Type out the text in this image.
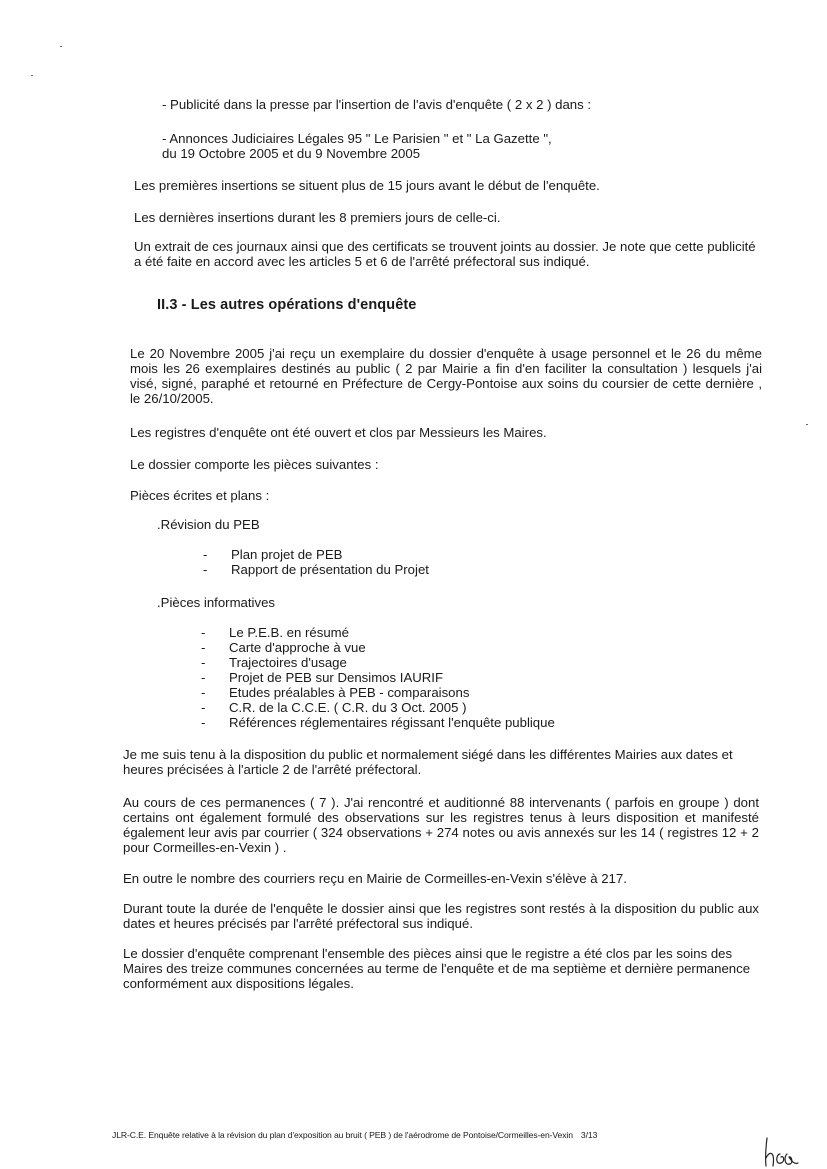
- Publicité dans la presse par l'insertion de l'avis d'enquête ( 2 x 2 ) dans :

- Annonces Judiciaires Légales 95 " Le Parisien " et " La Gazette ",

du 19 Octobre 2005 et du 9 Novembre 2005

Les premières insertions se situent plus de 15 jours avant le début de l'enquête.

Les dernières insertions durant les 8 premiers jours de celle-ci.

Un extrait de ces journaux ainsi que des certificats se trouvent joints au dossier. Je note que cette publicité a été faite en accord avec les articles 5 et 6 de l'arrêté préfectoral sus indiqué.

II.3 - Les autres opérations d'enquête

Le 20 Novembre 2005 j'ai reçu un exemplaire du dossier d'enquête à usage personnel et le 26 du même mois les 26 exemplaires destinés au public ( 2 par Mairie a fin d'en faciliter la consultation ) lesquels j'ai visé, signé, paraphé et retourné en Préfecture de Cergy-Pontoise aux soins du coursier de cette dernière , le 26/10/2005.

Les registres d'enquête ont été ouvert et clos par Messieurs les Maires.

Le dossier comporte les pièces suivantes :

Pièces écrites et plans :

.Révision du PEB

- Plan projet de PEB
- Rapport de présentation du Projet

.Pièces informatives

- Le P.E.B. en résumé
- Carte d'approche à vue
- Trajectoires d'usage
- Projet de PEB sur Densimos IAURIF
- Etudes préalables à PEB - comparaisons
- C.R. de la C.C.E. ( C.R. du 3 Oct. 2005 )
- Références réglementaires régissant l'enquête publique

Je me suis tenu à la disposition du public et normalement siégé dans les différentes Mairies aux dates et heures précisées à l'article 2 de l'arrêté préfectoral.

Au cours de ces permanences ( 7 ). J'ai rencontré et auditionné 88 intervenants ( parfois en groupe ) dont certains ont également formulé des observations sur les registres tenus à leurs disposition et manifesté également leur avis par courrier ( 324 observations + 274 notes ou avis annexés sur les 14 ( registres 12 + 2 pour Cormeilles-en-Vexin ) .

En outre le nombre des courriers reçu en Mairie de Cormeilles-en-Vexin s'élève à 217.

Durant toute la durée de l'enquête le dossier ainsi que les registres sont restés à la disposition du public aux dates et heures précisés par l'arrêté préfectoral sus indiqué.

Le dossier d'enquête comprenant l'ensemble des pièces ainsi que le registre a été clos par les soins des Maires des treize communes concernées au terme de l'enquête et de ma septième et dernière permanence conformément aux dispositions légales.

JLR-C.E. Enquête relative à la révision du plan d'exposition au bruit ( PEB ) de l'aérodrome de Pontoise/Cormeilles-en-Vexin 3/13
